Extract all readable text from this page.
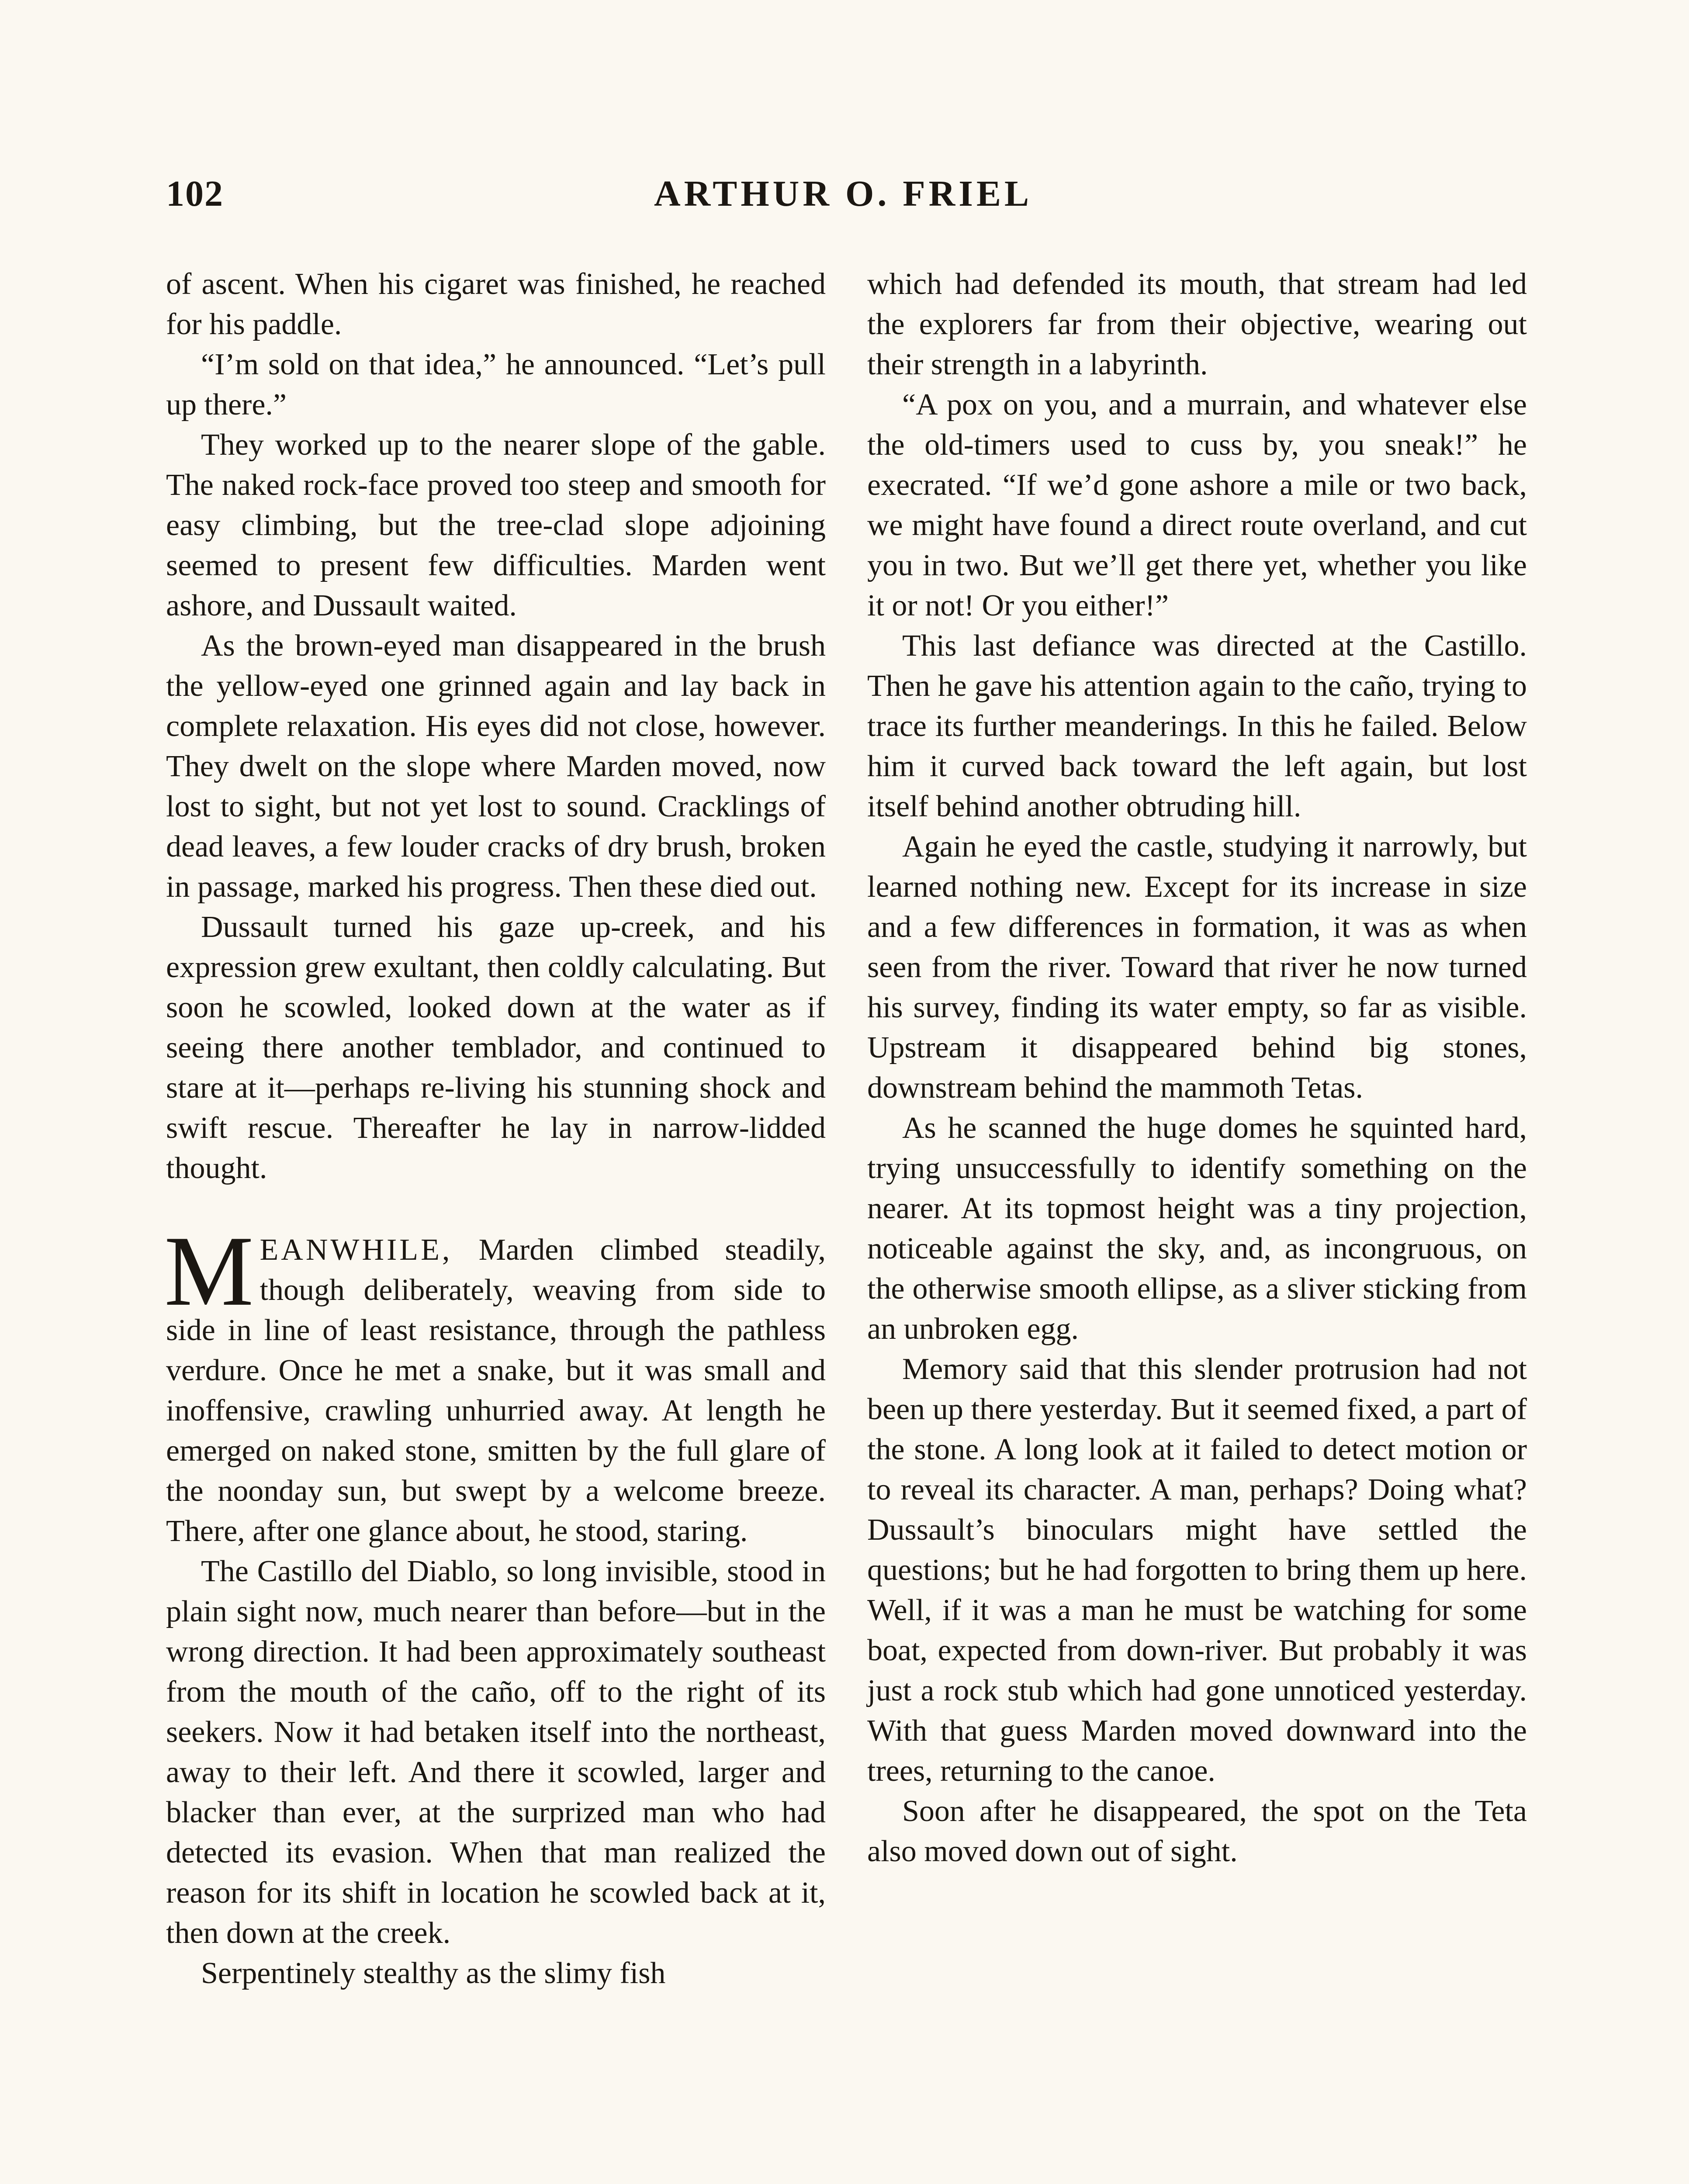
102	ARTHUR O. FRIEL

of ascent. When his cigaret was finished, he reached for his paddle.

“I’m sold on that idea,” he announced. “Let’s pull up there.”

They worked up to the nearer slope of the gable. The naked rock-face proved too steep and smooth for easy climbing, but the tree-clad slope adjoining seemed to present few difficulties. Marden went ashore, and Dussault waited.

As the brown-eyed man disappeared in the brush the yellow-eyed one grinned again and lay back in complete relaxation. His eyes did not close, however. They dwelt on the slope where Marden moved, now lost to sight, but not yet lost to sound. Cracklings of dead leaves, a few louder cracks of dry brush, broken in passage, marked his progress. Then these died out.

Dussault turned his gaze up-creek, and his expression grew exultant, then coldly calculating. But soon he scowled, looked down at the water as if seeing there another temblador, and continued to stare at it—perhaps re-living his stunning shock and swift rescue. Thereafter he lay in narrow-lidded thought.

MEANWHILE, Marden climbed steadily, though deliberately, weaving from side to side in line of least resistance, through the pathless verdure. Once he met a snake, but it was small and inoffensive, crawling unhurried away. At length he emerged on naked stone, smitten by the full glare of the noonday sun, but swept by a welcome breeze. There, after one glance about, he stood, staring.

The Castillo del Diablo, so long invisible, stood in plain sight now, much nearer than before—but in the wrong direction. It had been approximately southeast from the mouth of the caño, off to the right of its seekers. Now it had betaken itself into the northeast, away to their left. And there it scowled, larger and blacker than ever, at the surprized man who had detected its evasion. When that man realized the reason for its shift in location he scowled back at it, then down at the creek.

Serpentinely stealthy as the slimy fish

which had defended its mouth, that stream had led the explorers far from their objective, wearing out their strength in a labyrinth.

“A pox on you, and a murrain, and whatever else the old-timers used to cuss by, you sneak!” he execrated. “If we’d gone ashore a mile or two back, we might have found a direct route overland, and cut you in two. But we’ll get there yet, whether you like it or not! Or you either!”

This last defiance was directed at the Castillo. Then he gave his attention again to the caño, trying to trace its further meanderings. In this he failed. Below him it curved back toward the left again, but lost itself behind another obtruding hill.

Again he eyed the castle, studying it narrowly, but learned nothing new. Except for its increase in size and a few differences in formation, it was as when seen from the river. Toward that river he now turned his survey, finding its water empty, so far as visible. Upstream it disappeared behind big stones, downstream behind the mammoth Tetas.

As he scanned the huge domes he squinted hard, trying unsuccessfully to identify something on the nearer. At its topmost height was a tiny projection, noticeable against the sky, and, as incongruous, on the otherwise smooth ellipse, as a sliver sticking from an unbroken egg.

Memory said that this slender protrusion had not been up there yesterday. But it seemed fixed, a part of the stone. A long look at it failed to detect motion or to reveal its character. A man, perhaps? Doing what? Dussault’s binoculars might have settled the questions; but he had forgotten to bring them up here. Well, if it was a man he must be watching for some boat, expected from down-river. But probably it was just a rock stub which had gone unnoticed yesterday. With that guess Marden moved downward into the trees, returning to the canoe.

Soon after he disappeared, the spot on the Teta also moved down out of sight.
